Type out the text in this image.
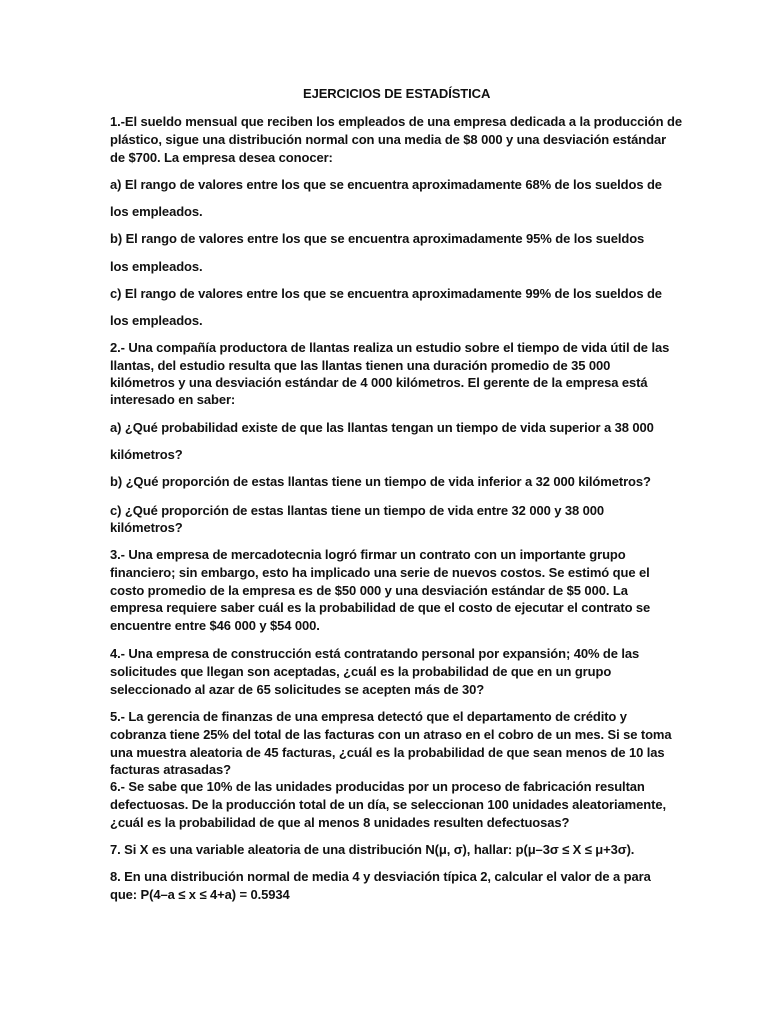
EJERCICIOS DE ESTADÍSTICA

1.-El sueldo mensual que reciben los empleados de una empresa dedicada a la producción de

plástico, sigue una distribución normal con una media de $8 000 y una desviación estándar

de $700. La empresa desea conocer:

a) El rango de valores entre los que se encuentra aproximadamente 68% de los sueldos de

los empleados.

b) El rango de valores entre los que se encuentra aproximadamente 95% de los sueldos

los empleados.

c) El rango de valores entre los que se encuentra aproximadamente 99% de los sueldos de

los empleados.

2.- Una compañía productora de llantas realiza un estudio sobre el tiempo de vida útil de las

llantas, del estudio resulta que las llantas tienen una duración promedio de 35 000

kilómetros y una desviación estándar de 4 000 kilómetros. El gerente de la empresa está

interesado en saber:

a) ¿Qué probabilidad existe de que las llantas tengan un tiempo de vida superior a 38 000

kilómetros?

b) ¿Qué proporción de estas llantas tiene un tiempo de vida inferior a 32 000 kilómetros?

c) ¿Qué proporción de estas llantas tiene un tiempo de vida entre 32 000 y 38 000

kilómetros?

3.- Una empresa de mercadotecnia logró firmar un contrato con un importante grupo

financiero; sin embargo, esto ha implicado una serie de nuevos costos. Se estimó que el

costo promedio de la empresa es de $50 000 y una desviación estándar de $5 000. La

empresa requiere saber cuál es la probabilidad de que el costo de ejecutar el contrato se

encuentre entre $46 000 y $54 000.

4.- Una empresa de construcción está contratando personal por expansión; 40% de las

solicitudes que llegan son aceptadas, ¿cuál es la probabilidad de que en un grupo

seleccionado al azar de 65 solicitudes se acepten más de 30?

5.- La gerencia de finanzas de una empresa detectó que el departamento de crédito y

cobranza tiene 25% del total de las facturas con un atraso en el cobro de un mes. Si se toma

una muestra aleatoria de 45 facturas, ¿cuál es la probabilidad de que sean menos de 10 las

facturas atrasadas?

6.- Se sabe que 10% de las unidades producidas por un proceso de fabricación resultan

defectuosas. De la producción total de un día, se seleccionan 100 unidades aleatoriamente,

¿cuál es la probabilidad de que al menos 8 unidades resulten defectuosas?

7. Si X es una variable aleatoria de una distribución N(μ, σ), hallar: p(μ–3σ ≤ X ≤ μ+3σ).

8. En una distribución normal de media 4 y desviación típica 2, calcular el valor de a para

que: P(4–a ≤ x ≤ 4+a) = 0.5934
